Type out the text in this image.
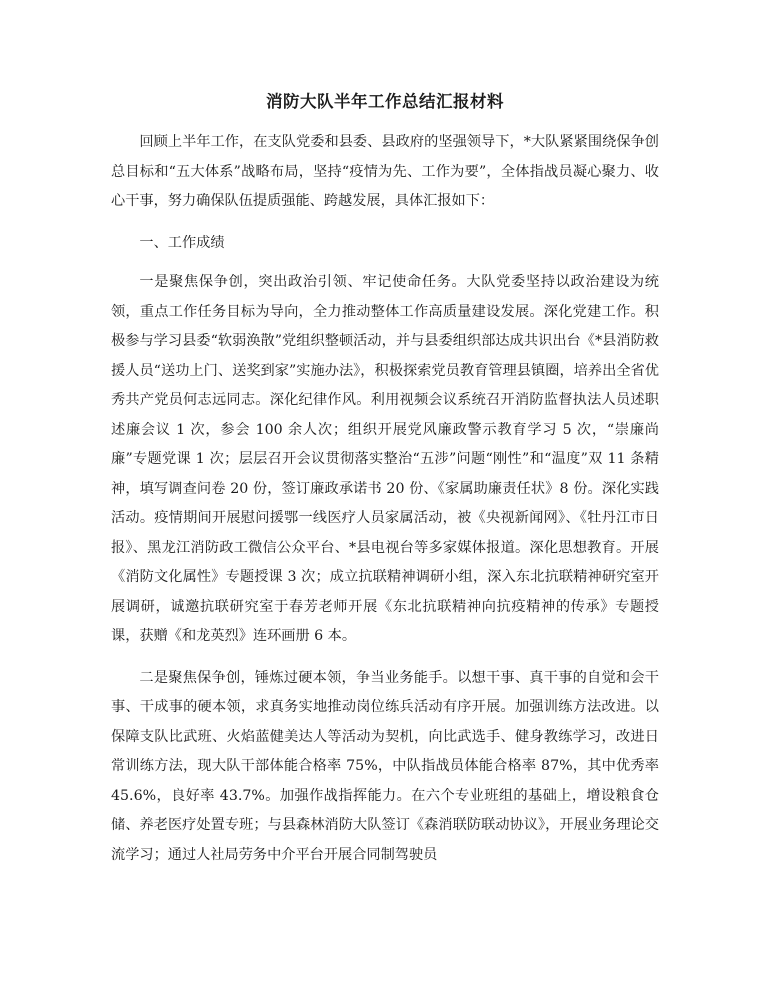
消防大队半年工作总结汇报材料

回顾上半年工作，在支队党委和县委、县政府的坚强领导下，*大队紧紧围绕保争创总目标和“五大体系”战略布局，坚持“疫情为先、工作为要”，全体指战员凝心聚力、收心干事，努力确保队伍提质强能、跨越发展，具体汇报如下：

一、工作成绩

一是聚焦保争创，突出政治引领、牢记使命任务。大队党委坚持以政治建设为统领，重点工作任务目标为导向，全力推动整体工作高质量建设发展。深化党建工作。积极参与学习县委“软弱涣散”党组织整顿活动，并与县委组织部达成共识出台《*县消防救援人员“送功上门、送奖到家”实施办法》，积极探索党员教育管理县镇圈，培养出全省优秀共产党员何志远同志。深化纪律作风。利用视频会议系统召开消防监督执法人员述职述廉会议 1 次，参会 100 余人次；组织开展党风廉政警示教育学习 5 次，“崇廉尚廉”专题党课 1 次；层层召开会议贯彻落实整治“五涉”问题“刚性”和“温度”双 11 条精神，填写调查问卷 20 份，签订廉政承诺书 20 份、《家属助廉责任状》8 份。深化实践活动。疫情期间开展慰问援鄂一线医疗人员家属活动，被《央视新闻网》、《牡丹江市日报》、黑龙江消防政工微信公众平台、*县电视台等多家媒体报道。深化思想教育。开展《消防文化属性》专题授课 3 次；成立抗联精神调研小组，深入东北抗联精神研究室开展调研，诚邀抗联研究室于春芳老师开展《东北抗联精神向抗疫精神的传承》专题授课，获赠《和龙英烈》连环画册 6 本。

二是聚焦保争创，锤炼过硬本领，争当业务能手。以想干事、真干事的自觉和会干事、干成事的硬本领，求真务实地推动岗位练兵活动有序开展。加强训练方法改进。以保障支队比武班、火焰蓝健美达人等活动为契机，向比武选手、健身教练学习，改进日常训练方法，现大队干部体能合格率 75%，中队指战员体能合格率 87%，其中优秀率 45.6%，良好率 43.7%。加强作战指挥能力。在六个专业班组的基础上，增设粮食仓储、养老医疗处置专班；与县森林消防大队签订《森消联防联动协议》，开展业务理论交流学习；通过人社局劳务中介平台开展合同制驾驶员
